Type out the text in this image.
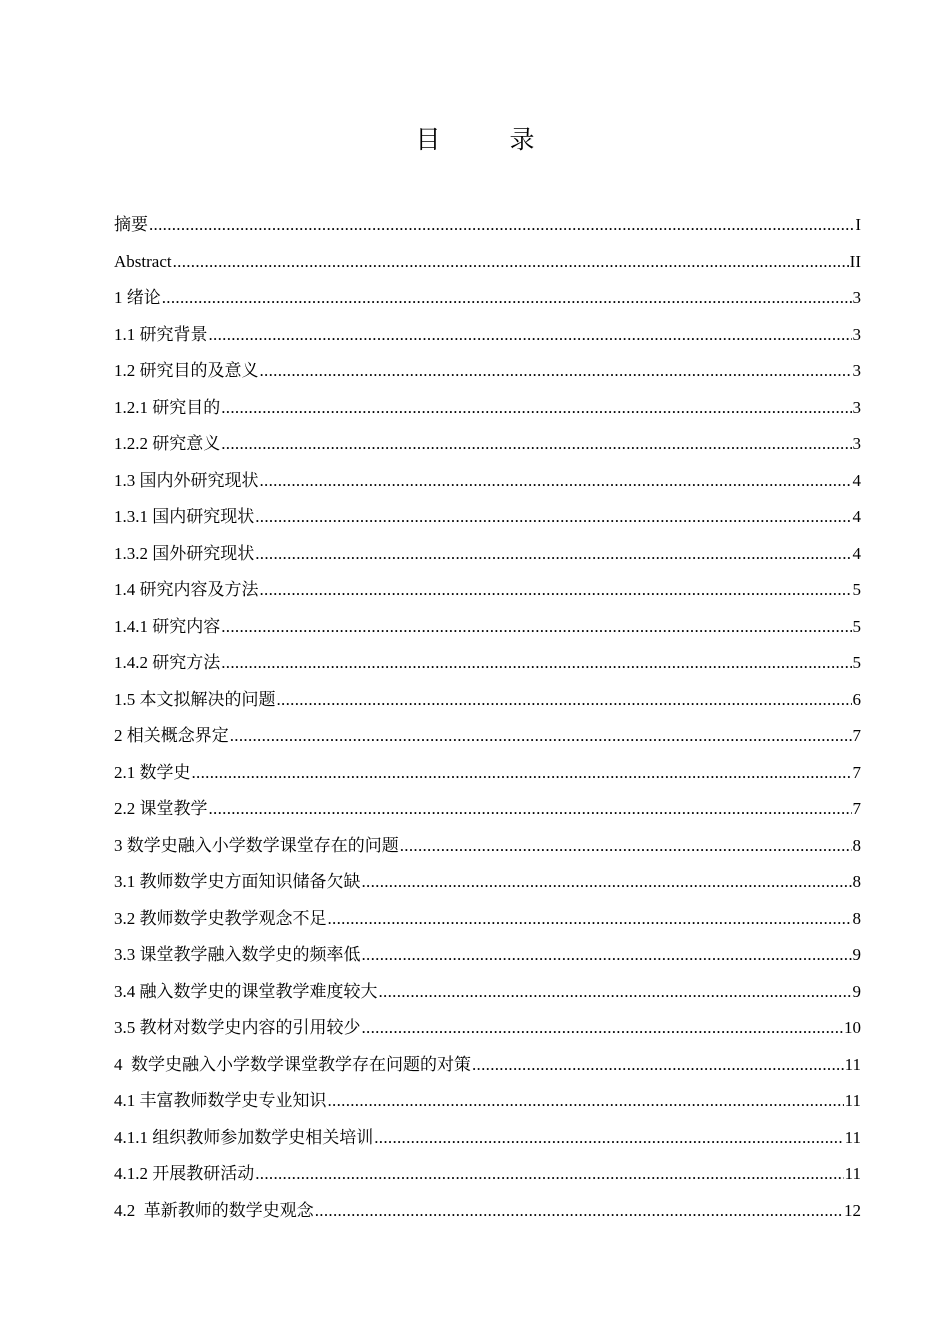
目　录
摘要 .....	I
Abstract .....	II
1 绪论 .....	3
1.1 研究背景 .....	3
1.2 研究目的及意义 .....	3
1.2.1 研究目的 .....	3
1.2.2 研究意义 .....	3
1.3 国内外研究现状 .....	4
1.3.1 国内研究现状 .....	4
1.3.2 国外研究现状 .....	4
1.4 研究内容及方法 .....	5
1.4.1 研究内容 .....	5
1.4.2 研究方法 .....	5
1.5 本文拟解决的问题 .....	6
2 相关概念界定 .....	7
2.1 数学史 .....	7
2.2 课堂教学 .....	7
3 数学史融入小学数学课堂存在的问题 .....	8
3.1 教师数学史方面知识储备欠缺 .....	8
3.2 教师数学史教学观念不足 .....	8
3.3 课堂教学融入数学史的频率低 .....	9
3.4 融入数学史的课堂教学难度较大 .....	9
3.5 教材对数学史内容的引用较少 .....	10
4  数学史融入小学数学课堂教学存在问题的对策 .....	11
4.1 丰富教师数学史专业知识 .....	11
4.1.1 组织教师参加数学史相关培训 .....	11
4.1.2 开展教研活动 .....	11
4.2  革新教师的数学史观念 .....	12
